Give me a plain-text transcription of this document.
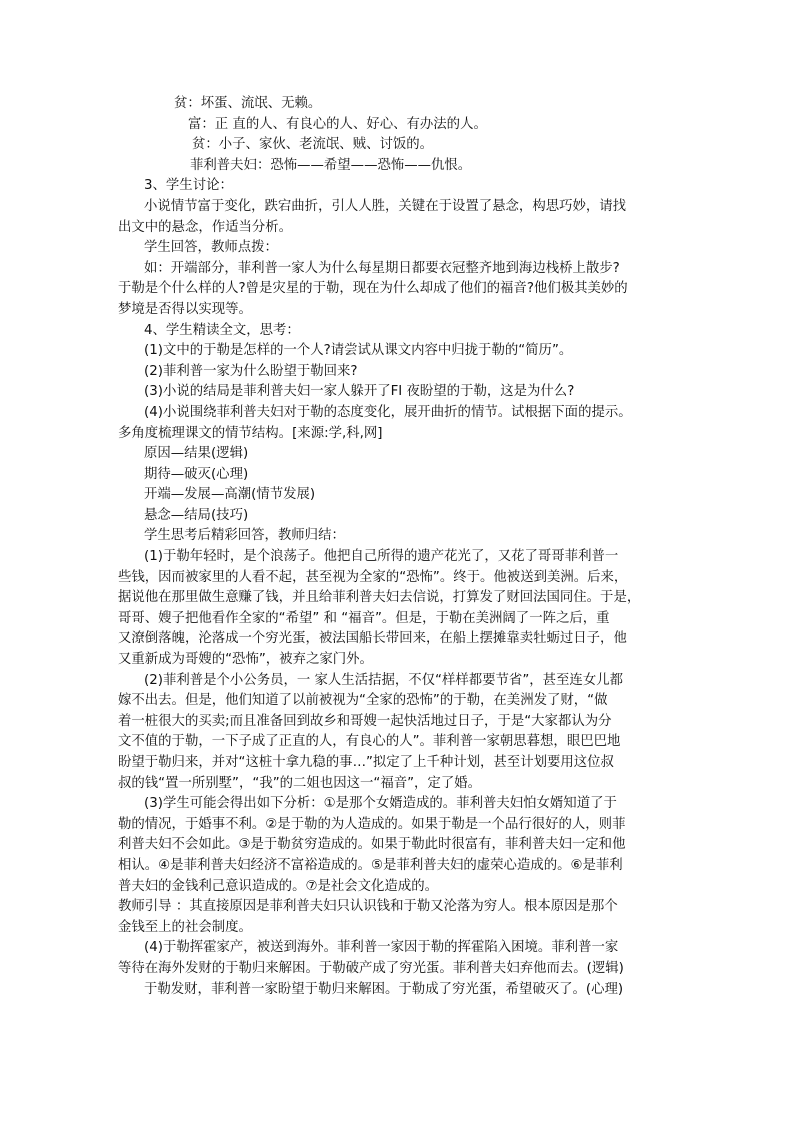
贫：坏蛋、流氓、无赖。
富：正 直的人、有良心的人、好心、有办法的人。
贫：小子、家伙、老流氓、贼、讨饭的。
菲利普夫妇：恐怖——希望——恐怖——仇恨。
3、学生讨论：
小说情节富于变化，跌宕曲折，引人人胜，关键在于设置了悬念，构思巧妙，请找
出文中的悬念，作适当分析。
学生回答，教师点拨：
如：开端部分，菲利普一家人为什么每星期日都要衣冠整齐地到海边栈桥上散步?
于勒是个什么样的人?曾是灾星的于勒，现在为什么却成了他们的福音?他们极其美妙的
梦境是否得以实现等。
4、学生精读全文，思考：
(1)文中的于勒是怎样的一个人?请尝试从课文内容中归拢于勒的“简历”。
(2)菲利普一家为什么盼望于勒回来?
(3)小说的结局是菲利普夫妇一家人躲开了FI 夜盼望的于勒，这是为什么?
(4)小说围绕菲利普夫妇对于勒的态度变化，展开曲折的情节。试根据下面的提示。
多角度梳理课文的情节结构。[来源:学,科,网]
原因—结果(逻辑)
期待—破灭(心理)
开端—发展—高潮(情节发展)
悬念—结局(技巧)
学生思考后精彩回答，教师归结：
(1)于勒年轻时，是个浪荡子。他把自己所得的遗产花光了，又花了哥哥菲利普一
些钱，因而被家里的人看不起，甚至视为全家的“恐怖”。终于。他被送到美洲。后来，
据说他在那里做生意赚了钱，并且给菲利普夫妇去信说，打算发了财回法国同住。于是，
哥哥、嫂子把他看作全家的“希望” 和 “福音”。但是，于勒在美洲阔了一阵之后，重
又潦倒落魄，沦落成一个穷光蛋，被法国船长带回来，在船上摆摊靠卖牡蛎过日子，他
又重新成为哥嫂的“恐怖”，被弃之家门外。
(2)菲利普是个小公务员，一 家人生活拮据，不仅“样样都要节省”，甚至连女儿都
嫁不出去。但是，他们知道了以前被视为“全家的恐怖”的于勒，在美洲发了财，“做
着一桩很大的买卖;而且准备回到故乡和哥嫂一起快活地过日子，于是“大家都认为分
文不值的于勒，一下子成了正直的人，有良心的人”。菲利普一家朝思暮想，眼巴巴地
盼望于勒归来，并对“这桩十拿九稳的事…”拟定了上千种计划，甚至计划要用这位叔
叔的钱“置一所别墅”，“我”的二姐也因这一“福音”，定了婚。
(3)学生可能会得出如下分析：①是那个女婿造成的。菲利普夫妇怕女婿知道了于
勒的情况，于婚事不利。②是于勒的为人造成的。如果于勒是一个品行很好的人，则菲
利普夫妇不会如此。③是于勒贫穷造成的。如果于勒此时很富有，菲利普夫妇一定和他
相认。④是菲利普夫妇经济不富裕造成的。⑤是菲利普夫妇的虚荣心造成的。⑥是菲利
普夫妇的金钱利己意识造成的。⑦是社会文化造成的。
教师引导 ：其直接原因是菲利普夫妇只认识钱和于勒又沦落为穷人。根本原因是那个
金钱至上的社会制度。
(4)于勒挥霍家产，被送到海外。菲利普一家因于勒的挥霍陷入困境。菲利普一家
等待在海外发财的于勒归来解困。于勒破产成了穷光蛋。菲利普夫妇弃他而去。(逻辑)
于勒发财，菲利普一家盼望于勒归来解困。于勒成了穷光蛋，希望破灭了。(心理)
